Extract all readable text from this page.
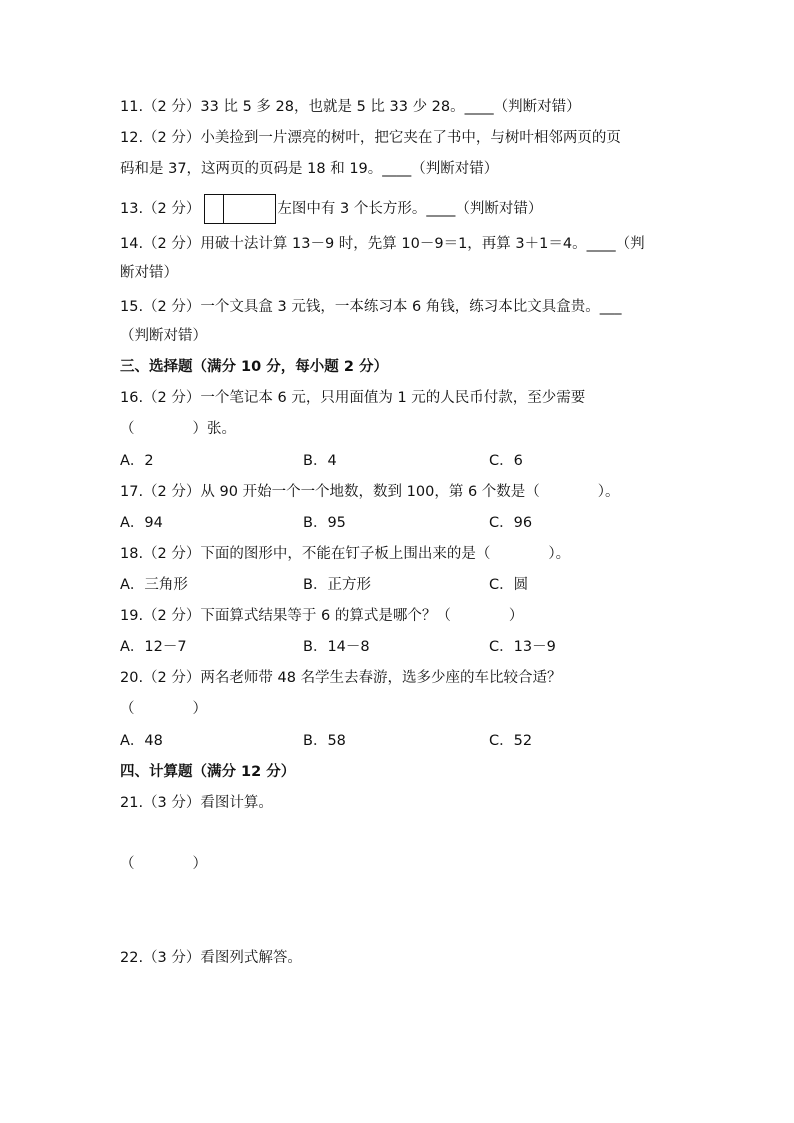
11.（2 分）33 比 5 多 28，也就是 5 比 33 少 28。____（判断对错）
12.（2 分）小美捡到一片漂亮的树叶，把它夹在了书中，与树叶相邻两页的页
码和是 37，这两页的页码是 18 和 19。____（判断对错）
13.（2 分）	左图中有 3 个长方形。____（判断对错）
14.（2 分）用破十法计算 13－9 时，先算 10－9＝1，再算 3＋1＝4。____（判
断对错）
15.（2 分）一个文具盒 3 元钱，一本练习本 6 角钱，练习本比文具盒贵。___
（判断对错）
三、选择题（满分 10 分，每小题 2 分）
16.（2 分）一个笔记本 6 元，只用面值为 1 元的人民币付款，至少需要
（　　　　）张。
A．2	B．4	C．6
17.（2 分）从 90 开始一个一个地数，数到 100，第 6 个数是（　　　　）。
A．94	B．95	C．96
18.（2 分）下面的图形中，不能在钉子板上围出来的是（　　　　）。
A．三角形	B．正方形	C．圆
19.（2 分）下面算式结果等于 6 的算式是哪个？（　　　　）
A．12－7	B．14－8	C．13－9
20.（2 分）两名老师带 48 名学生去春游，选多少座的车比较合适？
（　　　　）
A．48	B．58	C．52
四、计算题（满分 12 分）
21.（3 分）看图计算。
（　　　　）
22.（3 分）看图列式解答。
